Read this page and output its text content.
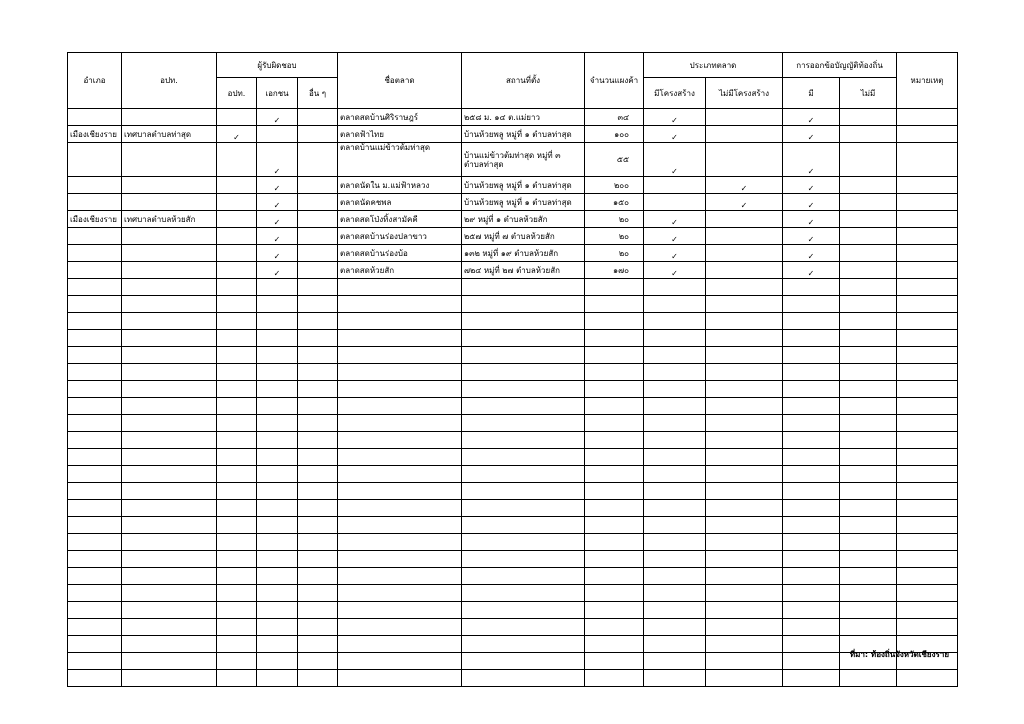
อำเภอ	อปท.	ผู้รับผิดชอบ			ชื่อตลาด	สถานที่ตั้ง	จำนวนแผงค้า	ประเภทตลาด		การออกข้อบัญญัติท้องถิ่น		หมายเหตุ
		อปท.	เอกชน	อื่น ๆ				มีโครงสร้าง	ไม่มีโครงสร้าง	มี	ไม่มี	
			✓		ตลาดสดบ้านศิริราษฎร์	๒๕๘ ม. ๑๔ ต.แม่ยาว	๓๔	✓		✓		
เมืองเชียงราย	เทศบาลตำบลท่าสุด	✓			ตลาดฟ้าไทย	บ้านห้วยพลู หมู่ที่ ๑ ตำบลท่าสุด	๑๐๐	✓		✓		
			✓		ตลาดบ้านแม่ข้าวต้มท่าสุด	บ้านแม่ข้าวต้มท่าสุด หมู่ที่ ๓ ตำบลท่าสุด	๕๕	✓		✓		
			✓		ตลาดนัดใน ม.แม่ฟ้าหลวง	บ้านห้วยพลู หมู่ที่ ๑ ตำบลท่าสุด	๒๐๐		✓	✓		
			✓		ตลาดนัดคชพล	บ้านห้วยพลู หมู่ที่ ๑ ตำบลท่าสุด	๑๕๐		✓	✓		
เมืองเชียงราย	เทศบาลตำบลห้วยสัก		✓		ตลาดสดโป่งทิ้งสามัคคี	๒๙ หมู่ที่ ๑ ตำบลห้วยสัก	๒๐	✓		✓		
			✓		ตลาดสดบ้านร่องปลาขาว	๒๕๗ หมู่ที่ ๗ ตำบลห้วยสัก	๒๐	✓		✓		
			✓		ตลาดสดบ้านร่องบ้อ	๑๓๒ หมู่ที่ ๑๙ ตำบลห้วยสัก	๒๐	✓		✓		
			✓		ตลาดสดห้วยสัก	๗๒๔ หมู่ที่ ๒๗ ตำบลห้วยสัก	๑๗๐	✓		✓		

ที่มา: ท้องถิ่นจังหวัดเชียงราย
